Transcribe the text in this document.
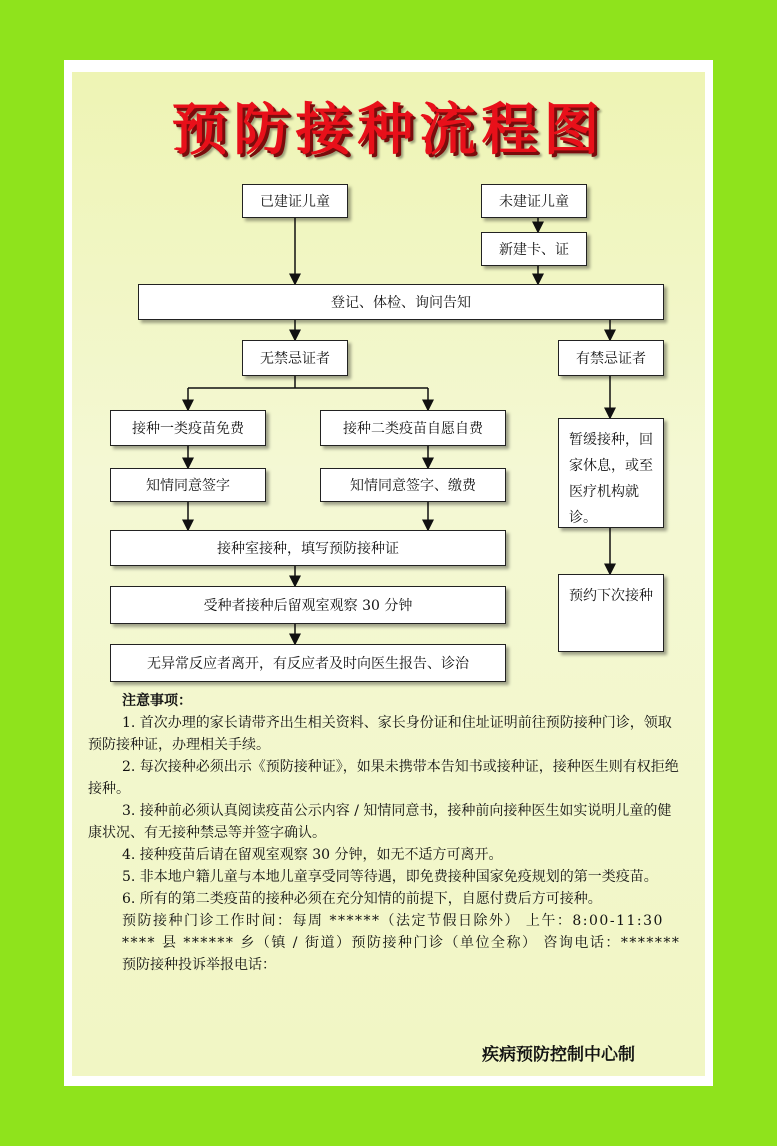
预防接种流程图
已建证儿童	未建证儿童
新建卡、证
登记、体检、询问告知
无禁忌证者	有禁忌证者
接种一类疫苗免费	接种二类疫苗自愿自费
知情同意签字	知情同意签字、缴费
暂缓接种，回家休息，或至医疗机构就诊。
接种室接种，填写预防接种证
预约下次接种
受种者接种后留观室观察 30 分钟
无异常反应者离开，有反应者及时向医生报告、诊治
注意事项：

1. 首次办理的家长请带齐出生相关资料、家长身份证和住址证明前往预防接种门诊，领取预防接种证，办理相关手续。

2. 每次接种必须出示《预防接种证》，如果未携带本告知书或接种证，接种医生则有权拒绝接种。

3. 接种前必须认真阅读疫苗公示内容 / 知情同意书，接种前向接种医生如实说明儿童的健康状况、有无接种禁忌等并签字确认。

4. 接种疫苗后请在留观室观察 30 分钟，如无不适方可离开。

5. 非本地户籍儿童与本地儿童享受同等待遇，即免费接种国家免疫规划的第一类疫苗。

6. 所有的第二类疫苗的接种必须在充分知情的前提下，自愿付费后方可接种。

预防接种门诊工作时间：每周 ******（法定节假日除外） 上午：8:00-11:30

**** 县 ****** 乡（镇 / 街道）预防接种门诊（单位全称） 咨询电话：*******

预防接种投诉举报电话：

疾病预防控制中心制
